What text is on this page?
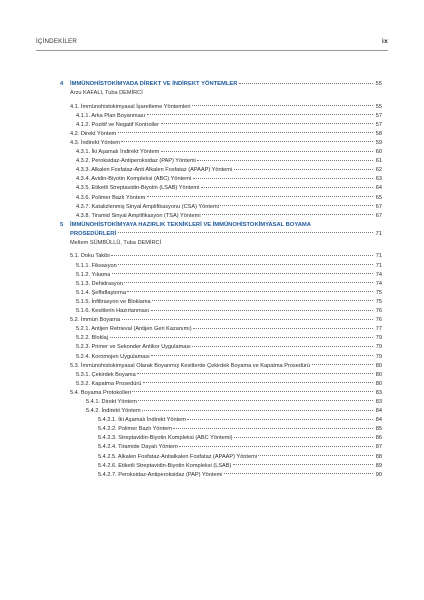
İÇİNDEKİLER	ix
4	İMMÜNOHİSTOKİMYADA DİREKT VE İNDİREKT YÖNTEMLER	55
Arzu KAFALI, Tuba DEMİRCİ
4.1. İmmünohistokimyasal İşaretleme Yöntemleri	55
4.1.1. Arka Plan Boyanması	57
4.1.2. Pozitif ve Negatif Kontroller	57
4.2. Direkt Yöntem	58
4.3. İndirekt Yöntem	59
4.3.1. İki Aşamalı İndirekt Yöntem	60
4.3.2. Peroksidaz-Antiperoksidaz (PAP) Yöntemi	61
4.3.3. Alkalen Fosfataz-Anti Alkalen Fosfataz (APAAP) Yöntemi	62
4.3.4. Avidin-Biyotin Kompleksi (ABC) Yöntemi	63
4.3.5. Etiketli Streptavidin-Biyotin (LSAB) Yöntemi	64
4.3.6. Polimer Bazlı Yöntem	65
4.3.7. Katalizlenmiş Sinyal Amplifikasyonu (CSA) Yöntemi	67
4.3.8. Tiramid Sinyal Amplifikasyon (TSA) Yöntemi	67
5	İMMÜNOHİSTOKİMYAYA HAZIRLIK TEKNİKLERİ VE İMMÜNOHİSTOKİMYASAL BOYAMA
PROSEDÜRLERİ	71
Meltem SÜMBÜLLÜ, Tuba DEMİRCİ
5.1. Doku Takibi	71
5.1.1. Fiksasyon	71
5.1.2. Yıkama	74
5.1.3. Dehidrasyon	74
5.1.4. Şeffaflaştırma	75
5.1.5. İnfiltrasyon ve Bloklama	75
5.1.6. Kesitlerin Hazırlanması	76
5.2. İmmün Boyama	76
5.2.1. Antijen Retrieval (Antijen Geri Kazanımı)	77
5.2.2. Bloklaj	79
5.2.3. Primer ve Sekonder Antikor Uygulaması	79
5.2.4. Koromojen Uygulaması	79
5.3. İmmünohistokimyasal Olarak Boyanmış Kesitlerde Çekirdek Boyama ve Kapatma Prosedürü	80
5.3.1. Çekirdek Boyama	80
5.3.2. Kapatma Prosedürü	80
5.4. Boyama Protokolleri	83
5.4.1. Direkt Yöntem	83
5.4.2. İndirekt Yöntem	84
5.4.2.1. İki Aşamalı İndirekt Yöntem	84
5.4.2.2. Polimer Bazlı Yöntem	85
5.4.2.3. Streptavidin-Biyotin Kompleksi (ABC Yöntemi)	86
5.4.2.4. Tiramide Dayalı Yöntem	87
5.4.2.5. Alkalen Fosfataz-Antialkalen Fosfataz (APAAP) Yöntemi	88
5.4.2.6. Etiketli Streptavidin-Biyotin Kompleksi (LSAB)	89
5.4.2.7. Peroksidaz-Antiperoksidaz (PAP) Yöntemi	90
